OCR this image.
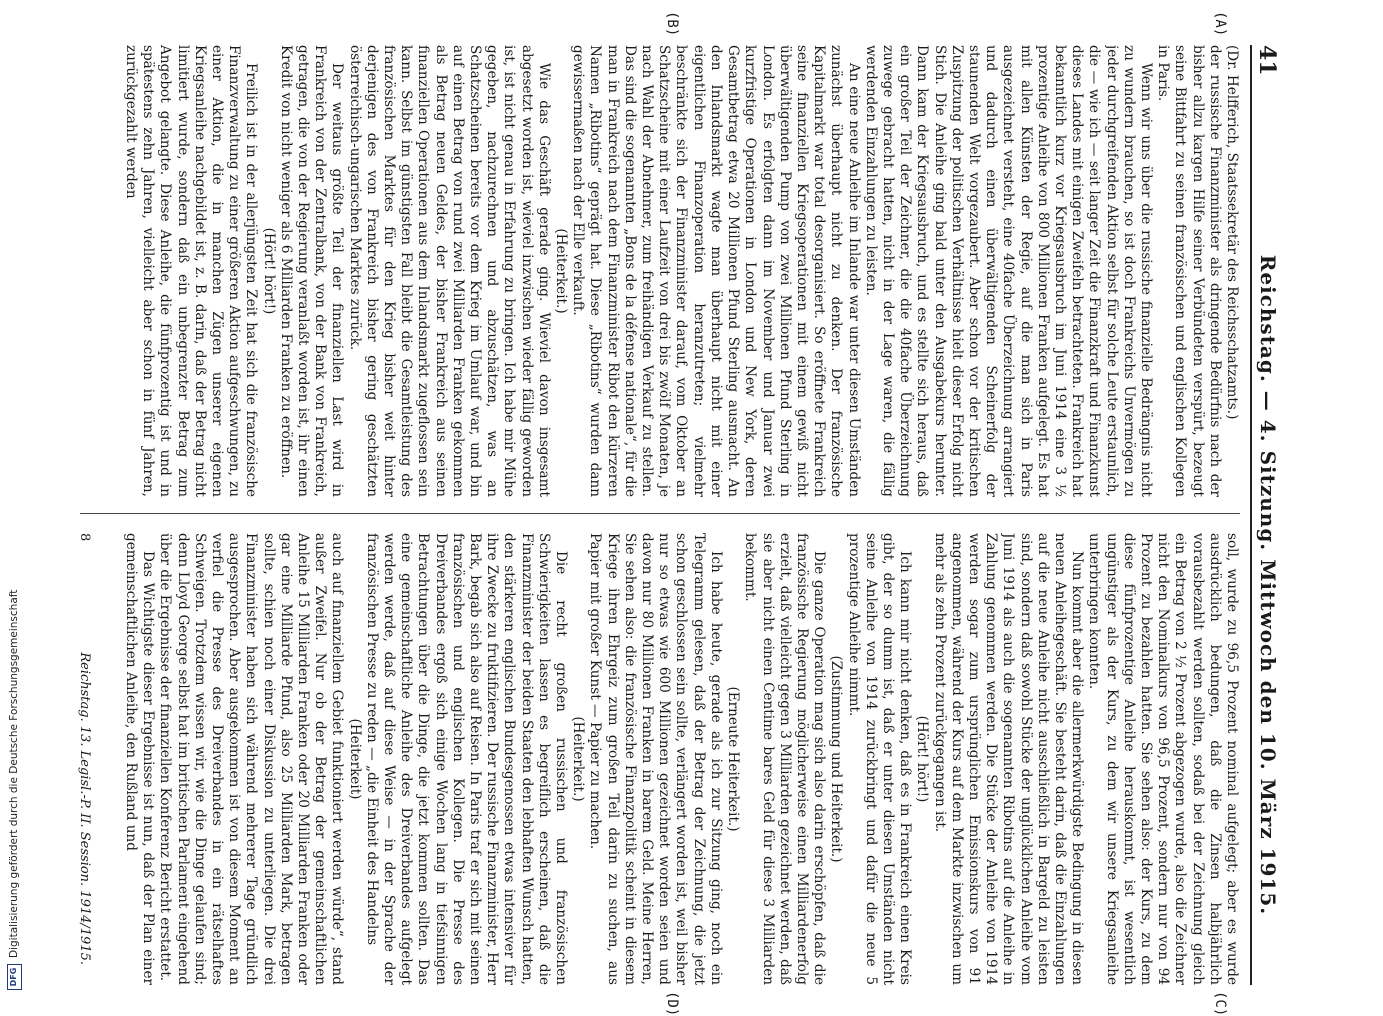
41
Reichstag. — 4. Sitzung. Mittwoch den 10. März 1915.

(Dr. Helfferich, Staatssekretär des Reichsschatzamts.)

der russische Finanzminister als dringende Bedürfnis nach der bisher allzu kargen Hilfe seiner Verbündeten verspürt, bezeugt seine Bittfahrt zu seinen französischen und englischen Kollegen in Paris.

Wenn wir uns über die russische finanzielle Bedrängnis nicht zu wundern brauchen, so ist doch Frankreichs Unvermögen zu jeder durchgreifenden Aktion selbst für solche Leute erstaunlich, die — wie ich — seit langer Zeit die Finanzkraft und Finanzkunst dieses Landes mit einigen Zweifeln betrachteten. Frankreich hat bekanntlich kurz vor Kriegsausbruch im Juni 1914 eine 3 ½ prozentige Anleihe von 800 Millionen Franken aufgelegt. Es hat mit allen Künsten der Regie, auf die man sich in Paris ausgezeichnet versteht, eine 40fache Überzeichnung arrangiert und dadurch einen überwältigenden Scheinerfolg der staunenden Welt vorgezaubert. Aber schon vor der kritischen Zuspitzung der politischen Verhältnisse hielt dieser Erfolg nicht Stich. Die Anleihe ging bald unter den Ausgabekurs herunter. Dann kam der Kriegsausbruch, und es stellte sich heraus, daß ein großer Teil der Zeichner, die die 40fache Überzeichnung zuwege gebracht hatten, nicht in der Lage waren, die fällig werdenden Einzahlungen zu leisten.

An eine neue Anleihe im Inlande war unter diesen Umständen zunächst überhaupt nicht zu denken. Der französische Kapitalmarkt war total desorganisiert. So eröffnete Frankreich seine finanziellen Kriegsoperationen mit einem gewiß nicht überwältigenden Pump von zwei Millionen Pfund Sterling in London. Es erfolgten dann im November und Januar zwei kurzfristige Operationen in London und New York, deren Gesamtbetrag etwa 20 Millionen Pfund Sterling ausmacht. An den Inlandsmarkt wagte man überhaupt nicht mit einer eigentlichen Finanzoperation heranzutreten; vielmehr beschränkte sich der Finanzminister darauf, vom Oktober an Schatzscheine mit einer Laufzeit von drei bis zwölf Monaten, je nach Wahl der Abnehmer, zum freihändigen Verkauf zu stellen. Das sind die sogenannten „Bons de la défense nationale“, für die man in Frankreich nach dem Finanzminister Ribot den kürzeren Namen „Ribotins“ geprägt hat. Diese „Ribotins“ wurden dann gewissermaßen nach der Elle verkauft.

(Heiterkeit.)

Wie das Geschäft gerade ging. Wieviel davon insgesamt abgesetzt worden ist, wieviel inzwischen wieder fällig geworden ist, ist nicht genau in Erfahrung zu bringen. Ich habe mir Mühe gegeben, nachzurechnen und abzuschätzen, was an Schatzscheinen bereits vor dem Krieg im Umlauf war, und bin auf einen Betrag von rund zwei Milliarden Franken gekommen als Betrag neuen Geldes, der bisher Frankreich aus seinen finanziellen Operationen aus dem Inlandsmarkt zugeflossen sein kann. Selbst im günstigsten Fall bleibt die Gesamtleistung des französischen Marktes für den Krieg bisher weit hinter derjenigen des von Frankreich bisher gering geschätzten österreichisch-ungarischen Marktes zurück.

Der weitaus größte Teil der finanziellen Last wird in Frankreich von der Zentralbank, von der Bank von Frankreich, getragen, die von der Regierung veranlaßt worden ist, ihr einen Kredit von nicht weniger als 6 Milliarden Franken zu eröffnen.

(Hört! hört!)

Freilich ist in der allerjüngsten Zeit hat sich die französische Finanzverwaltung zu einer größeren Aktion aufgeschwungen, zu einer Aktion, die in manchen Zügen unserer eigenen Kriegsanleihe nachgebildet ist, z. B. darin, daß der Betrag nicht limitiert wurde, sondern daß ein unbegrenzter Betrag zum Angebot gelangte. Diese Anleihe, die fünfprozentig ist und in spätestens zehn Jahren, vielleicht aber schon in fünf Jahren, zurückgezahlt werden

soll, wurde zu 96,5 Prozent nominal aufgelegt; aber es wurde ausdrücklich bedungen, daß die Zinsen halbjährlich vorausbezahlt werden sollten, sodaß bei der Zeichnung gleich ein Betrag von 2 ½ Prozent abgezogen wurde, also die Zeichner nicht den Nominalkurs von 96,5 Prozent, sondern nur von 94 Prozent zu bezahlen hatten. Sie sehen also: der Kurs, zu dem diese fünfprozentige Anleihe herauskommt, ist wesentlich ungünstiger als der Kurs, zu dem wir unsere Kriegsanleihe unterbringen konnten.

Nun kommt aber die allermerkwürdigste Bedingung in diesen neuen Anleihegeschäft. Sie besteht darin, daß die Einzahlungen auf die neue Anleihe nicht ausschließlich in Bargeld zu leisten sind, sondern daß sowohl Stücke der unglücklichen Anleihe vom Juni 1914 als auch die sogenannten Ribotins auf die Anleihe in Zahlung genommen werden. Die Stücke der Anleihe von 1914 werden sogar zum ursprünglichen Emissionskurs von 91 angenommen, während der Kurs auf dem Markte inzwischen um mehr als zehn Prozent zurückgegangen ist.

(Hört! hört!)

Ich kann mir nicht denken, daß es in Frankreich einen Kreis gibt, der so dumm ist, daß er unter diesen Umständen nicht seine Anleihe von 1914 zurückbringt und dafür die neue 5 prozentige Anleihe nimmt.

(Zustimmung und Heiterkeit.)

Die ganze Operation mag sich also darin erschöpfen, daß die französische Regierung möglicherweise einen Milliardenerfolg erzielt, daß vielleicht gegen 3 Milliarden gezeichnet werden, daß sie aber nicht einen Centime bares Geld für diese 3 Milliarden bekommt.

(Erneute Heiterkeit.)

Ich habe heute, gerade als ich zur Sitzung ging, noch ein Telegramm gelesen, daß der Betrag der Zeichnung, die jetzt schon geschlossen sein sollte, verlängert worden ist, weil bisher nur so etwas wie 600 Millionen gezeichnet worden seien und davon nur 80 Millionen Franken in barem Geld. Meine Herren, Sie sehen also: die französische Finanzpolitik scheint in diesem Kriege ihren Ehrgeiz zum großen Teil darin zu suchen, aus Papier mit großer Kunst — Papier zu machen.

(Heiterkeit.)

Die recht großen russischen und französischen Schwierigkeiten lassen es begreiflich erscheinen, daß die Finanzminister der beiden Staaten den lebhaften Wunsch hatten, den stärkeren englischen Bundesgenossen etwas intensiver für ihre Zwecke zu fruktifizieren. Der russische Finanzminister, Herr Bark, begab sich also auf Reisen. In Paris traf er sich mit seinen französischen und englischen Kollegen. Die Presse des Dreiverbandes ergoß sich einige Wochen lang in tiefsinnigen Betrachtungen über die Dinge, die jetzt kommen sollten. Das eine gemeinschaftliche Anleihe des Dreiverbandes aufgelegt werden werde, daß auf diese Weise — in der Sprache der französischen Presse zu reden — „die Einheit des Handelns

(Heiterkeit)

auch auf finanziellem Gebiet funktioniert werden würde“, stand außer Zweifel. Nur ob der Betrag der gemeinschaftlichen Anleihe 15 Milliarden Franken oder 20 Milliarden Franken oder gar eine Milliarde Pfund, also 25 Milliarden Mark, betragen sollte, schien noch einer Diskussion zu unterliegen. Die drei Finanzminister haben sich während mehrerer Tage gründlich ausgesprochen. Aber ausgekommen ist von diesem Moment an verfiel die Presse des Dreiverbandes in ein rätselhaftes Schweigen. Trotzdem wissen wir, wie die Dinge gelaufen sind; denn Lloyd George selbst hat im britischen Parlament eingehend über die Ergebnisse der finanziellen Konferenz Bericht erstattet.

Das Wichtigste dieser Ergebnisse ist nun, daß der Plan einer gemeinschaftlichen Anleihe, den Rußland und

(A)
(B)
(C)
(D)
Reichstag. 13. Legisl.-P. II. Session. 1914/1915.
8
DFG
Digitalisierung gefördert durch die Deutsche Forschungsgemeinschaft
